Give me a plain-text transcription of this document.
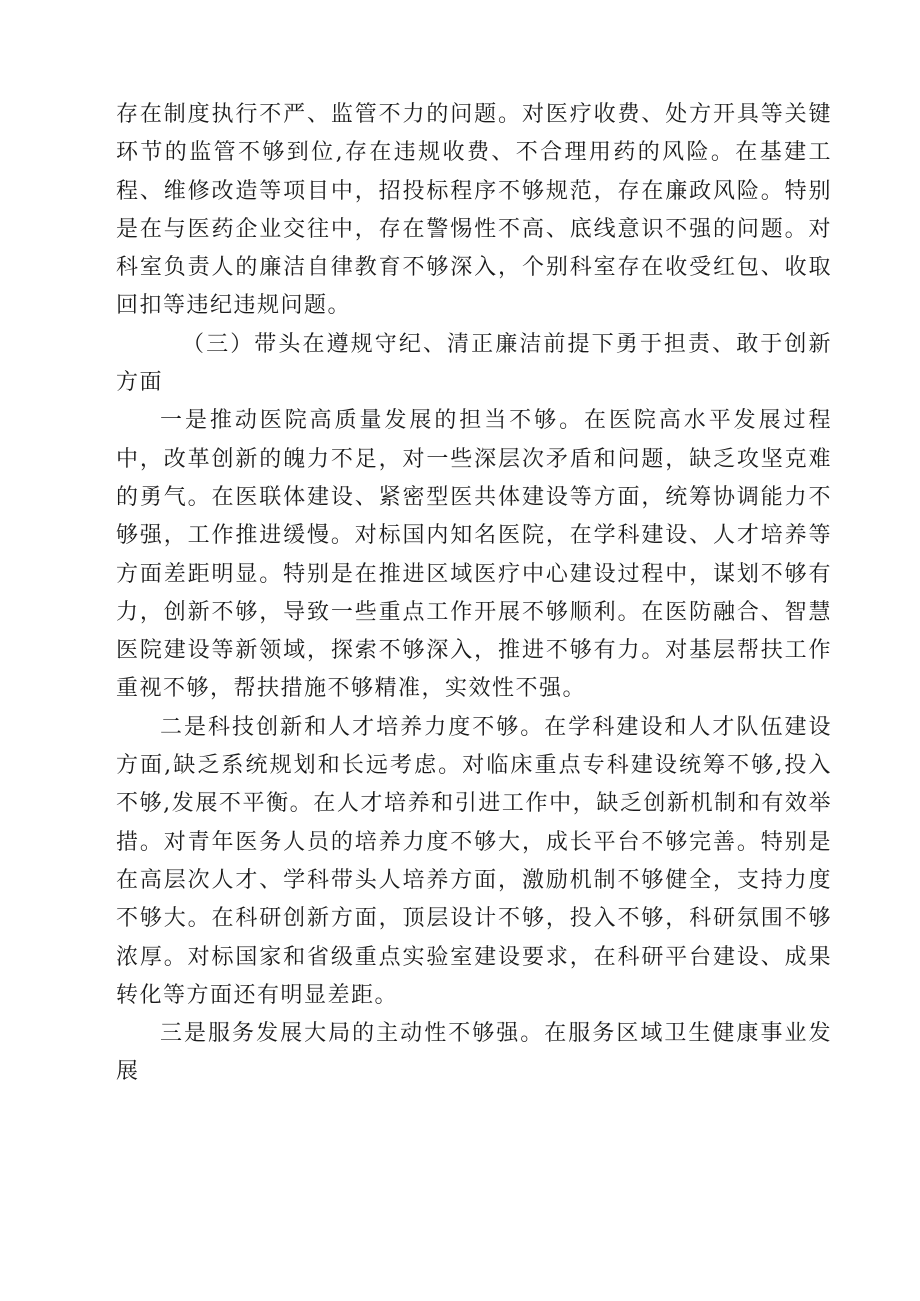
存在制度执行不严、监管不力的问题。对医疗收费、处方开具等关键环节的监管不够到位,存在违规收费、不合理用药的风险。在基建工程、维修改造等项目中，招投标程序不够规范，存在廉政风险。特别是在与医药企业交往中，存在警惕性不高、底线意识不强的问题。对科室负责人的廉洁自律教育不够深入，个别科室存在收受红包、收取回扣等违纪违规问题。

（三）带头在遵规守纪、清正廉洁前提下勇于担责、敢于创新方面

一是推动医院高质量发展的担当不够。在医院高水平发展过程中，改革创新的魄力不足，对一些深层次矛盾和问题，缺乏攻坚克难的勇气。在医联体建设、紧密型医共体建设等方面，统筹协调能力不够强，工作推进缓慢。对标国内知名医院，在学科建设、人才培养等方面差距明显。特别是在推进区域医疗中心建设过程中，谋划不够有力，创新不够，导致一些重点工作开展不够顺利。在医防融合、智慧医院建设等新领域，探索不够深入，推进不够有力。对基层帮扶工作重视不够，帮扶措施不够精准，实效性不强。

二是科技创新和人才培养力度不够。在学科建设和人才队伍建设方面,缺乏系统规划和长远考虑。对临床重点专科建设统筹不够,投入不够,发展不平衡。在人才培养和引进工作中，缺乏创新机制和有效举措。对青年医务人员的培养力度不够大，成长平台不够完善。特别是在高层次人才、学科带头人培养方面，激励机制不够健全，支持力度不够大。在科研创新方面，顶层设计不够，投入不够，科研氛围不够浓厚。对标国家和省级重点实验室建设要求，在科研平台建设、成果转化等方面还有明显差距。

三是服务发展大局的主动性不够强。在服务区域卫生健康事业发展
